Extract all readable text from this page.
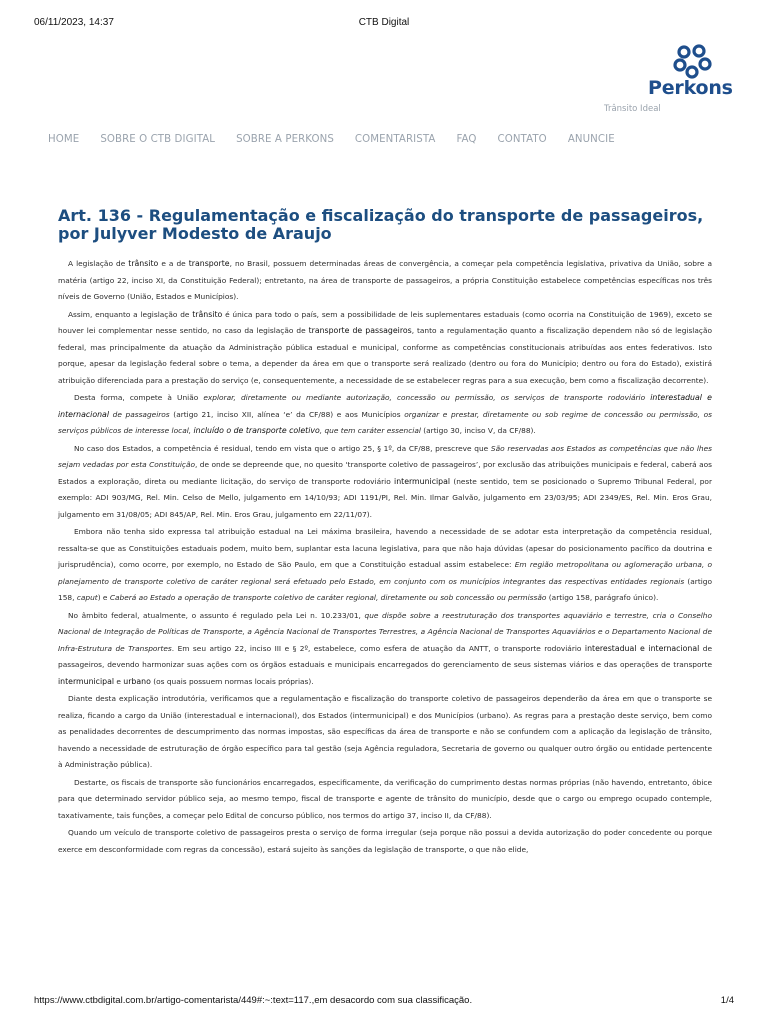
06/11/2023, 14:37	CTB Digital
Perkons
Trânsito Ideal
HOME SOBRE O CTB DIGITAL SOBRE A PERKONS COMENTARISTA FAQ CONTATO ANUNCIE
Art. 136 - Regulamentação e fiscalização do transporte de passageiros, por Julyver Modesto de Araujo

A legislação de trânsito e a de transporte, no Brasil, possuem determinadas áreas de convergência, a começar pela competência legislativa, privativa da União, sobre a matéria (artigo 22, inciso XI, da Constituição Federal); entretanto, na área de transporte de passageiros, a própria Constituição estabelece competências específicas nos três níveis de Governo (União, Estados e Municípios).

Assim, enquanto a legislação de trânsito é única para todo o país, sem a possibilidade de leis suplementares estaduais (como ocorria na Constituição de 1969), exceto se houver lei complementar nesse sentido, no caso da legislação de transporte de passageiros, tanto a regulamentação quanto a fiscalização dependem não só de legislação federal, mas principalmente da atuação da Administração pública estadual e municipal, conforme as competências constitucionais atribuídas aos entes federativos. Isto porque, apesar da legislação federal sobre o tema, a depender da área em que o transporte será realizado (dentro ou fora do Município; dentro ou fora do Estado), existirá atribuição diferenciada para a prestação do serviço (e, consequentemente, a necessidade de se estabelecer regras para a sua execução, bem como a fiscalização decorrente).

Desta forma, compete à União explorar, diretamente ou mediante autorização, concessão ou permissão, os serviços de transporte rodoviário interestadual e internacional de passageiros (artigo 21, inciso XII, alínea ‘e’ da CF/88) e aos Municípios organizar e prestar, diretamente ou sob regime de concessão ou permissão, os serviços públicos de interesse local, incluído o de transporte coletivo, que tem caráter essencial (artigo 30, inciso V, da CF/88).

No caso dos Estados, a competência é residual, tendo em vista que o artigo 25, § 1º, da CF/88, prescreve que São reservadas aos Estados as competências que não lhes sejam vedadas por esta Constituição, de onde se depreende que, no quesito ‘transporte coletivo de passageiros’, por exclusão das atribuições municipais e federal, caberá aos Estados a exploração, direta ou mediante licitação, do serviço de transporte rodoviário intermunicipal (neste sentido, tem se posicionado o Supremo Tribunal Federal, por exemplo: ADI 903/MG, Rel. Min. Celso de Mello, julgamento em 14/10/93; ADI 1191/PI, Rel. Min. Ilmar Galvão, julgamento em 23/03/95; ADI 2349/ES, Rel. Min. Eros Grau, julgamento em 31/08/05; ADI 845/AP, Rel. Min. Eros Grau, julgamento em 22/11/07).

Embora não tenha sido expressa tal atribuição estadual na Lei máxima brasileira, havendo a necessidade de se adotar esta interpretação da competência residual, ressalta-se que as Constituições estaduais podem, muito bem, suplantar esta lacuna legislativa, para que não haja dúvidas (apesar do posicionamento pacífico da doutrina e jurisprudência), como ocorre, por exemplo, no Estado de São Paulo, em que a Constituição estadual assim estabelece: Em região metropolitana ou aglomeração urbana, o planejamento de transporte coletivo de caráter regional será efetuado pelo Estado, em conjunto com os municípios integrantes das respectivas entidades regionais (artigo 158, caput) e Caberá ao Estado a operação de transporte coletivo de caráter regional, diretamente ou sob concessão ou permissão (artigo 158, parágrafo único).

No âmbito federal, atualmente, o assunto é regulado pela Lei n. 10.233/01, que dispõe sobre a reestruturação dos transportes aquaviário e terrestre, cria o Conselho Nacional de Integração de Políticas de Transporte, a Agência Nacional de Transportes Terrestres, a Agência Nacional de Transportes Aquaviários e o Departamento Nacional de Infra-Estrutura de Transportes. Em seu artigo 22, inciso III e § 2º, estabelece, como esfera de atuação da ANTT, o transporte rodoviário interestadual e internacional de passageiros, devendo harmonizar suas ações com os órgãos estaduais e municipais encarregados do gerenciamento de seus sistemas viários e das operações de transporte intermunicipal e urbano (os quais possuem normas locais próprias).

Diante desta explicação introdutória, verificamos que a regulamentação e fiscalização do transporte coletivo de passageiros dependerão da área em que o transporte se realiza, ficando a cargo da União (interestadual e internacional), dos Estados (intermunicipal) e dos Municípios (urbano). As regras para a prestação deste serviço, bem como as penalidades decorrentes de descumprimento das normas impostas, são específicas da área de transporte e não se confundem com a aplicação da legislação de trânsito, havendo a necessidade de estruturação de órgão específico para tal gestão (seja Agência reguladora, Secretaria de governo ou qualquer outro órgão ou entidade pertencente à Administração pública).

Destarte, os fiscais de transporte são funcionários encarregados, especificamente, da verificação do cumprimento destas normas próprias (não havendo, entretanto, óbice para que determinado servidor público seja, ao mesmo tempo, fiscal de transporte e agente de trânsito do município, desde que o cargo ou emprego ocupado contemple, taxativamente, tais funções, a começar pelo Edital de concurso público, nos termos do artigo 37, inciso II, da CF/88).

Quando um veículo de transporte coletivo de passageiros presta o serviço de forma irregular (seja porque não possui a devida autorização do poder concedente ou porque exerce em desconformidade com regras da concessão), estará sujeito às sanções da legislação de transporte, o que não elide,

https://www.ctbdigital.com.br/artigo-comentarista/449#:~:text=117.,em desacordo com sua classificação.	1/4
